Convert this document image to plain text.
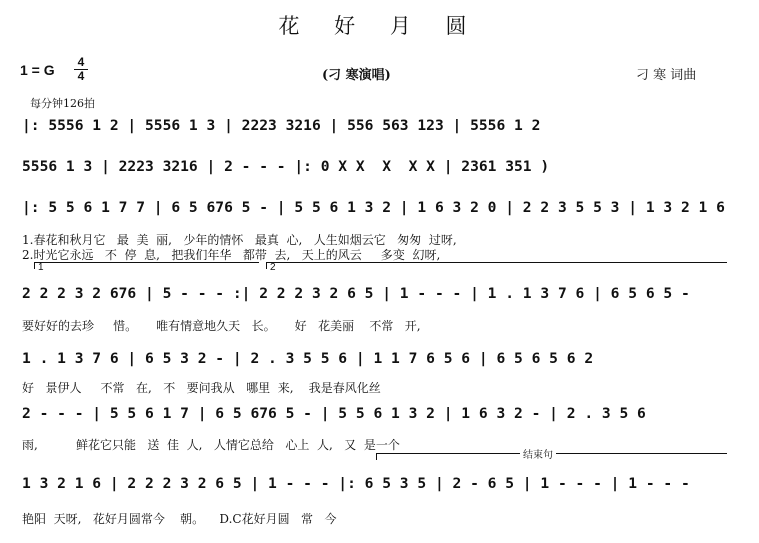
花 好 月 圆
1 = G	4
4	(刁 寒演唱)	刁 寒 词曲
每分钟126拍
|: 5556 1 2 | 5556 1 3 | 2223 3216 | 556 563 123 | 5556 1 2
5556 1 3 | 2223 3216 | 2 - - - |: 0 X X  X  X X | 2361 351 )
|: 5 5 6 1 7 7 | 6 5 676 5 - | 5 5 6 1 3 2 | 1 6 3 2 0 | 2 2 3 5 5 3 | 1 3 2 1 6
1.春花和秋月它   最  美  丽,   少年的情怀   最真  心,   人生如烟云它   匆匆  过呀,
2.时光它永远   不  停  息,   把我们年华   都带  去,   天上的风云     多变  幻呀,
1	2
2 2 2 3 2 676 | 5 - - - :| 2 2 2 3 2 6 5 | 1 - - - | 1 . 1 3 7 6 | 6 5 6 5 -
要好好的去珍     惜。     唯有情意地久天   长。     好   花美丽    不常   开,
1 . 1 3 7 6 | 6 5 3 2 - | 2 . 3 5 5 6 | 1 1 7 6 5 6 | 6 5 6 5 6 2
好   景伊人     不常   在,   不   要问我从   哪里  来,    我是春风化丝
2 - - - | 5 5 6 1 7 | 6 5 676 5 - | 5 5 6 1 3 2 | 1 6 3 2 - | 2 . 3 5 6
雨,          鲜花它只能   送  佳  人,   人情它总给   心上  人,   又  是一个
结束句
1 3 2 1 6 | 2 2 2 3 2 6 5 | 1 - - - |: 6 5 3 5 | 2 - 6 5 | 1 - - - | 1 - - -
艳阳  天呀,   花好月圆常今    朝。    D.C花好月圆   常   今
